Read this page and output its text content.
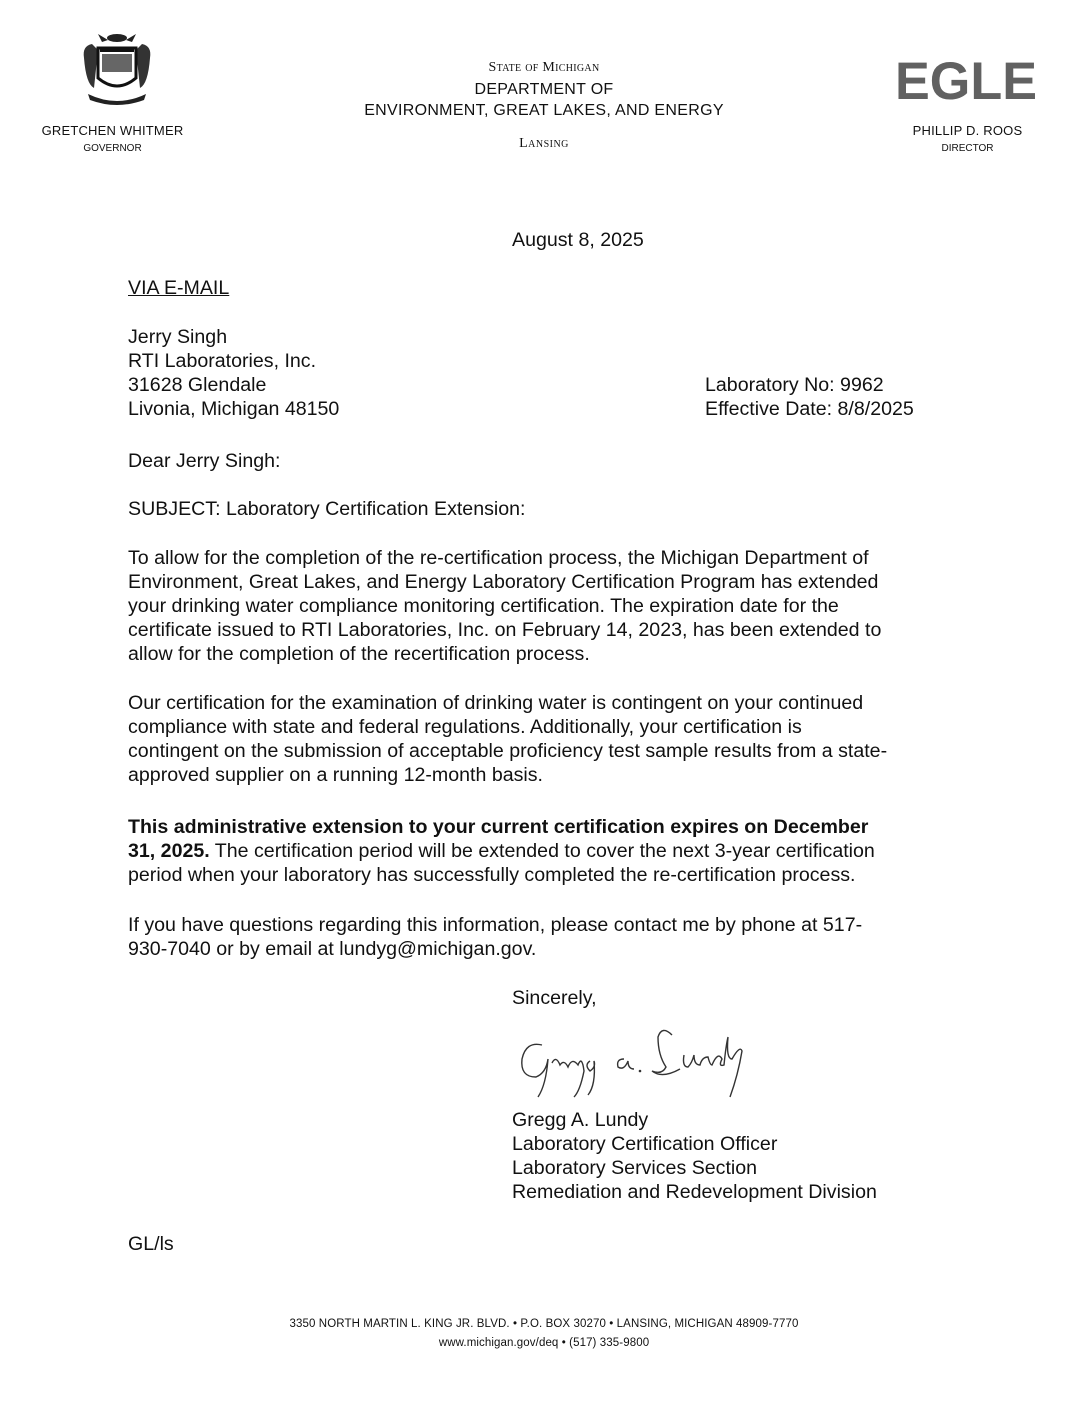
GRETCHEN WHITMER
GOVERNOR
State of Michigan
DEPARTMENT OF
ENVIRONMENT, GREAT LAKES, AND ENERGY
Lansing
EGLE
PHILLIP D. ROOS
DIRECTOR
August 8, 2025
VIA E-MAIL
Jerry Singh
RTI Laboratories, Inc.
31628 Glendale
Livonia, Michigan 48150
Laboratory No: 9962
Effective Date: 8/8/2025
Dear Jerry Singh:
SUBJECT: Laboratory Certification Extension:
To allow for the completion of the re-certification process, the Michigan Department of
Environment, Great Lakes, and Energy Laboratory Certification Program has extended
your drinking water compliance monitoring certification. The expiration date for the
certificate issued to RTI Laboratories, Inc. on February 14, 2023, has been extended to
allow for the completion of the recertification process.
Our certification for the examination of drinking water is contingent on your continued
compliance with state and federal regulations. Additionally, your certification is
contingent on the submission of acceptable proficiency test sample results from a state-
approved supplier on a running 12-month basis.
This administrative extension to your current certification expires on December
31, 2025. The certification period will be extended to cover the next 3-year certification
period when your laboratory has successfully completed the re-certification process.
If you have questions regarding this information, please contact me by phone at 517-
930-7040 or by email at lundyg@michigan.gov.
Sincerely,
Gregg A. Lundy
Laboratory Certification Officer
Laboratory Services Section
Remediation and Redevelopment Division
GL/ls
3350 NORTH MARTIN L. KING JR. BLVD. • P.O. BOX 30270 • LANSING, MICHIGAN 48909-7770
www.michigan.gov/deq • (517) 335-9800
